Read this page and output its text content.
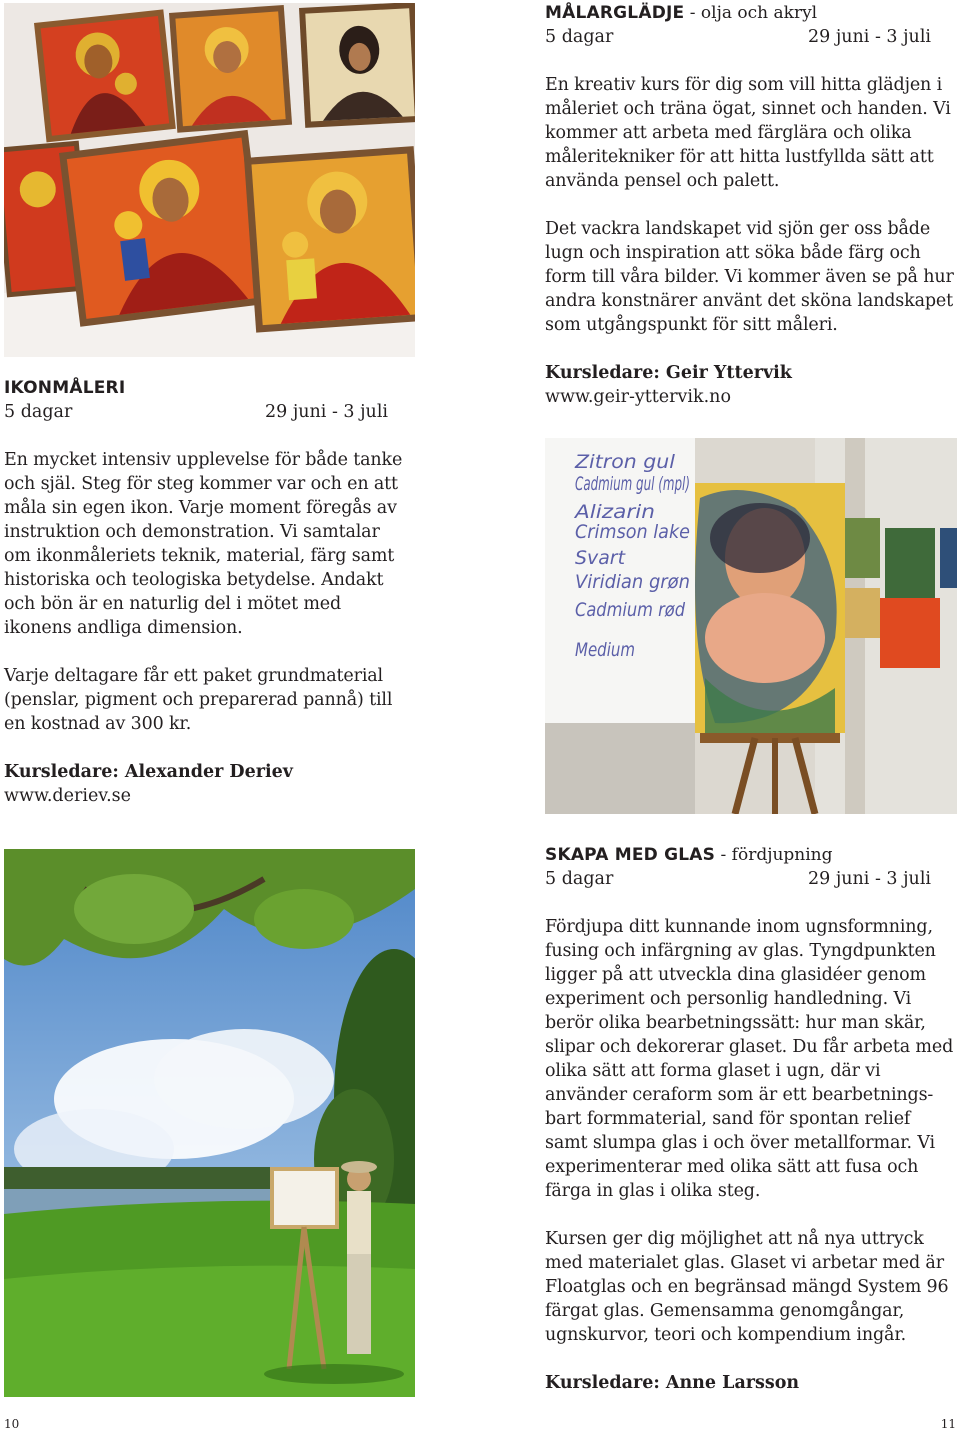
IKONMÅLERI
5 dagar	29 juni - 3 juli

En mycket intensiv upplevelse för både tanke och själ. Steg för steg kommer var och en att måla sin egen ikon. Varje moment föregås av instruktion och demonstration. Vi samtalar om ikonmåleriets teknik, material, färg samt historiska och teologiska betydelse. Andakt och bön är en naturlig del i mötet med ikonens andliga dimension.

Varje deltagare får ett paket grundmaterial (penslar, pigment och preparerad pannå) till en kostnad av 300 kr.

Kursledare: Alexander Deriev
www.deriev.se
MÅLARGLÄDJE - olja och akryl
5 dagar	29 juni - 3 juli

En kreativ kurs för dig som vill hitta glädjen i måleriet och träna ögat, sinnet och handen. Vi kommer att arbeta med färglära och olika måleritekniker för att hitta lustfyllda sätt att använda pensel och palett.

Det vackra landskapet vid sjön ger oss både lugn och inspiration att söka både färg och form till våra bilder. Vi kommer även se på hur andra konstnärer använt det sköna landskapet som utgångspunkt för sitt måleri.

Kursledare: Geir Yttervik
www.geir-yttervik.no
Zitron gul
Cadmium gul (mpl)
Alizarin
Crimson lake
Svart
Viridian grøn
Cadmium rød
Medium
SKAPA MED GLAS - fördjupning
5 dagar	29 juni - 3 juli

Fördjupa ditt kunnande inom ugnsformning, fusing och infärgning av glas. Tyngdpunkten ligger på att utveckla dina glasidéer genom experiment och personlig handledning. Vi berör olika bearbetningssätt: hur man skär, slipar och dekorerar glaset. Du får arbeta med olika sätt att forma glaset i ugn, där vi använder ceraform som är ett bearbetnings-bart formmaterial, sand för spontan relief samt slumpa glas i och över metallformar. Vi experimenterar med olika sätt att fusa och färga in glas i olika steg.

Kursen ger dig möjlighet att nå nya uttryck med materialet glas. Glaset vi arbetar med är Floatglas och en begränsad mängd System 96 färgat glas. Gemensamma genomgångar, ugnskurvor, teori och kompendium ingår.

Kursledare: Anne Larsson
10	11
